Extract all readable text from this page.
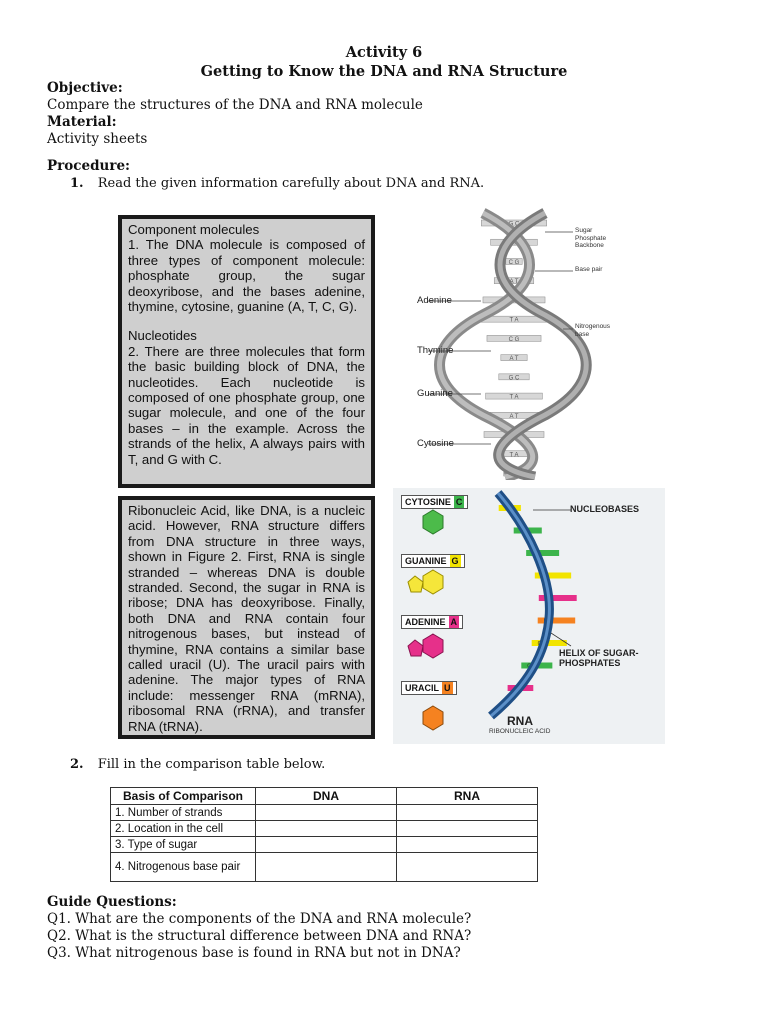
Activity 6
Getting to Know the DNA and RNA Structure
Objective:
Compare the structures of the DNA and RNA molecule
Material:
Activity sheets
Procedure:
1. Read the given information carefully about DNA and RNA.

Component molecules

1. The DNA molecule is composed of three types of component molecule: phosphate group, the sugar deoxyribose, and the bases adenine, thymine, cytosine, guanine (A, T, C, G).

Nucleotides

2. There are three molecules that form the basic building block of DNA, the nucleotides. Each nucleotide is composed of one phosphate group, one sugar molecule, and one of the four bases – in the example. Across the strands of the helix, A always pairs with T, and G with C.

G C
T A
C G
A T
G C
T A
C G
A T
G C
T A
A T
C G
T A
A T
Adenine
Thymine
Guanine
Cytosine
Sugar Phosphate Backbone
Base pair
Nitrogenous base

Ribonucleic Acid, like DNA, is a nucleic acid. However, RNA structure differs from DNA structure in three ways, shown in Figure 2. First, RNA is single stranded – whereas DNA is double stranded. Second, the sugar in RNA is ribose; DNA has deoxyribose. Finally, both DNA and RNA contain four nitrogenous bases, but instead of thymine, RNA contains a similar base called uracil (U). The uracil pairs with adenine. The major types of RNA include: messenger RNA (mRNA), ribosomal RNA (rRNA), and transfer RNA (tRNA).

CYTOSINE C
GUANINE G
ADENINE A
URACIL U
G
C
C
G
A
U
G
C
A
NUCLEOBASES
HELIX OF SUGAR-PHOSPHATES
RNA
RIBONUCLEIC ACID
2. Fill in the comparison table below.
Basis of Comparison	DNA	RNA
1. Number of strands		
2. Location in the cell		
3. Type of sugar		
4. Nitrogenous base pair		
Guide Questions:
Q1. What are the components of the DNA and RNA molecule?
Q2. What is the structural difference between DNA and RNA?
Q3. What nitrogenous base is found in RNA but not in DNA?
